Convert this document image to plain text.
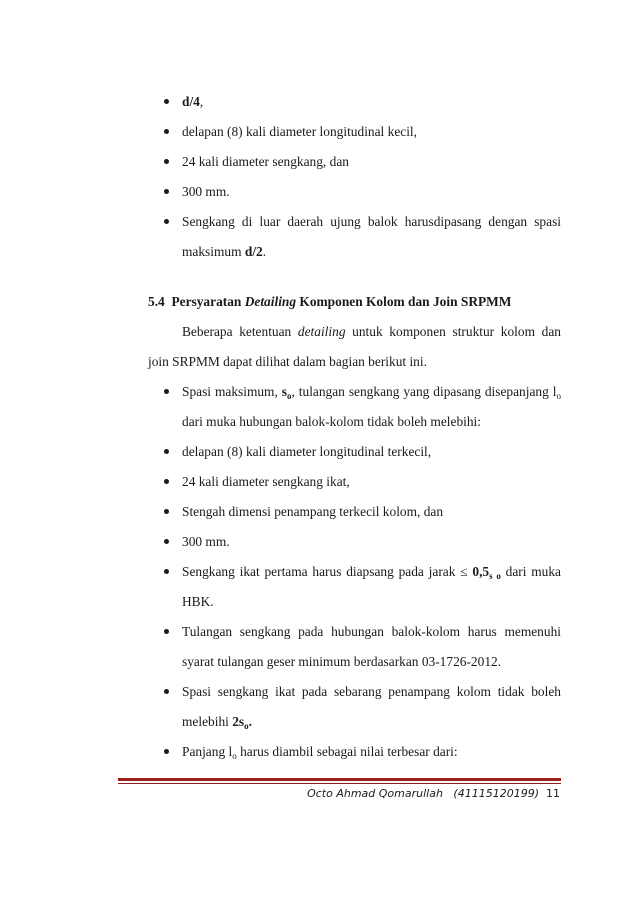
d/4,
delapan (8) kali diameter longitudinal kecil,
24 kali diameter sengkang, dan
300 mm.
Sengkang di luar daerah ujung balok harusdipasang dengan spasi
maksimum d/2.
5.4 Persyaratan Detailing Komponen Kolom dan Join SRPMM
Beberapa ketentuan detailing untuk komponen struktur kolom dan
join SRPMM dapat dilihat dalam bagian berikut ini.
Spasi maksimum, $s_o$, tulangan sengkang yang dipasang disepanjang $l_o$
dari muka hubungan balok-kolom tidak boleh melebihi:
delapan (8) kali diameter longitudinal terkecil,
24 kali diameter sengkang ikat,
Stengah dimensi penampang terkecil kolom, dan
300 mm.
Sengkang ikat pertama harus diapsang pada jarak ≤ $0,5_{s o}$ dari muka
HBK.
Tulangan sengkang pada hubungan balok-kolom harus memenuhi
syarat tulangan geser minimum berdasarkan 03-1726-2012.
Spasi sengkang ikat pada sebarang penampang kolom tidak boleh
melebihi $2s_o$.
Panjang $l_o$ harus diambil sebagai nilai terbesar dari:
Octo Ahmad Qomarullah (41115120199) 11
